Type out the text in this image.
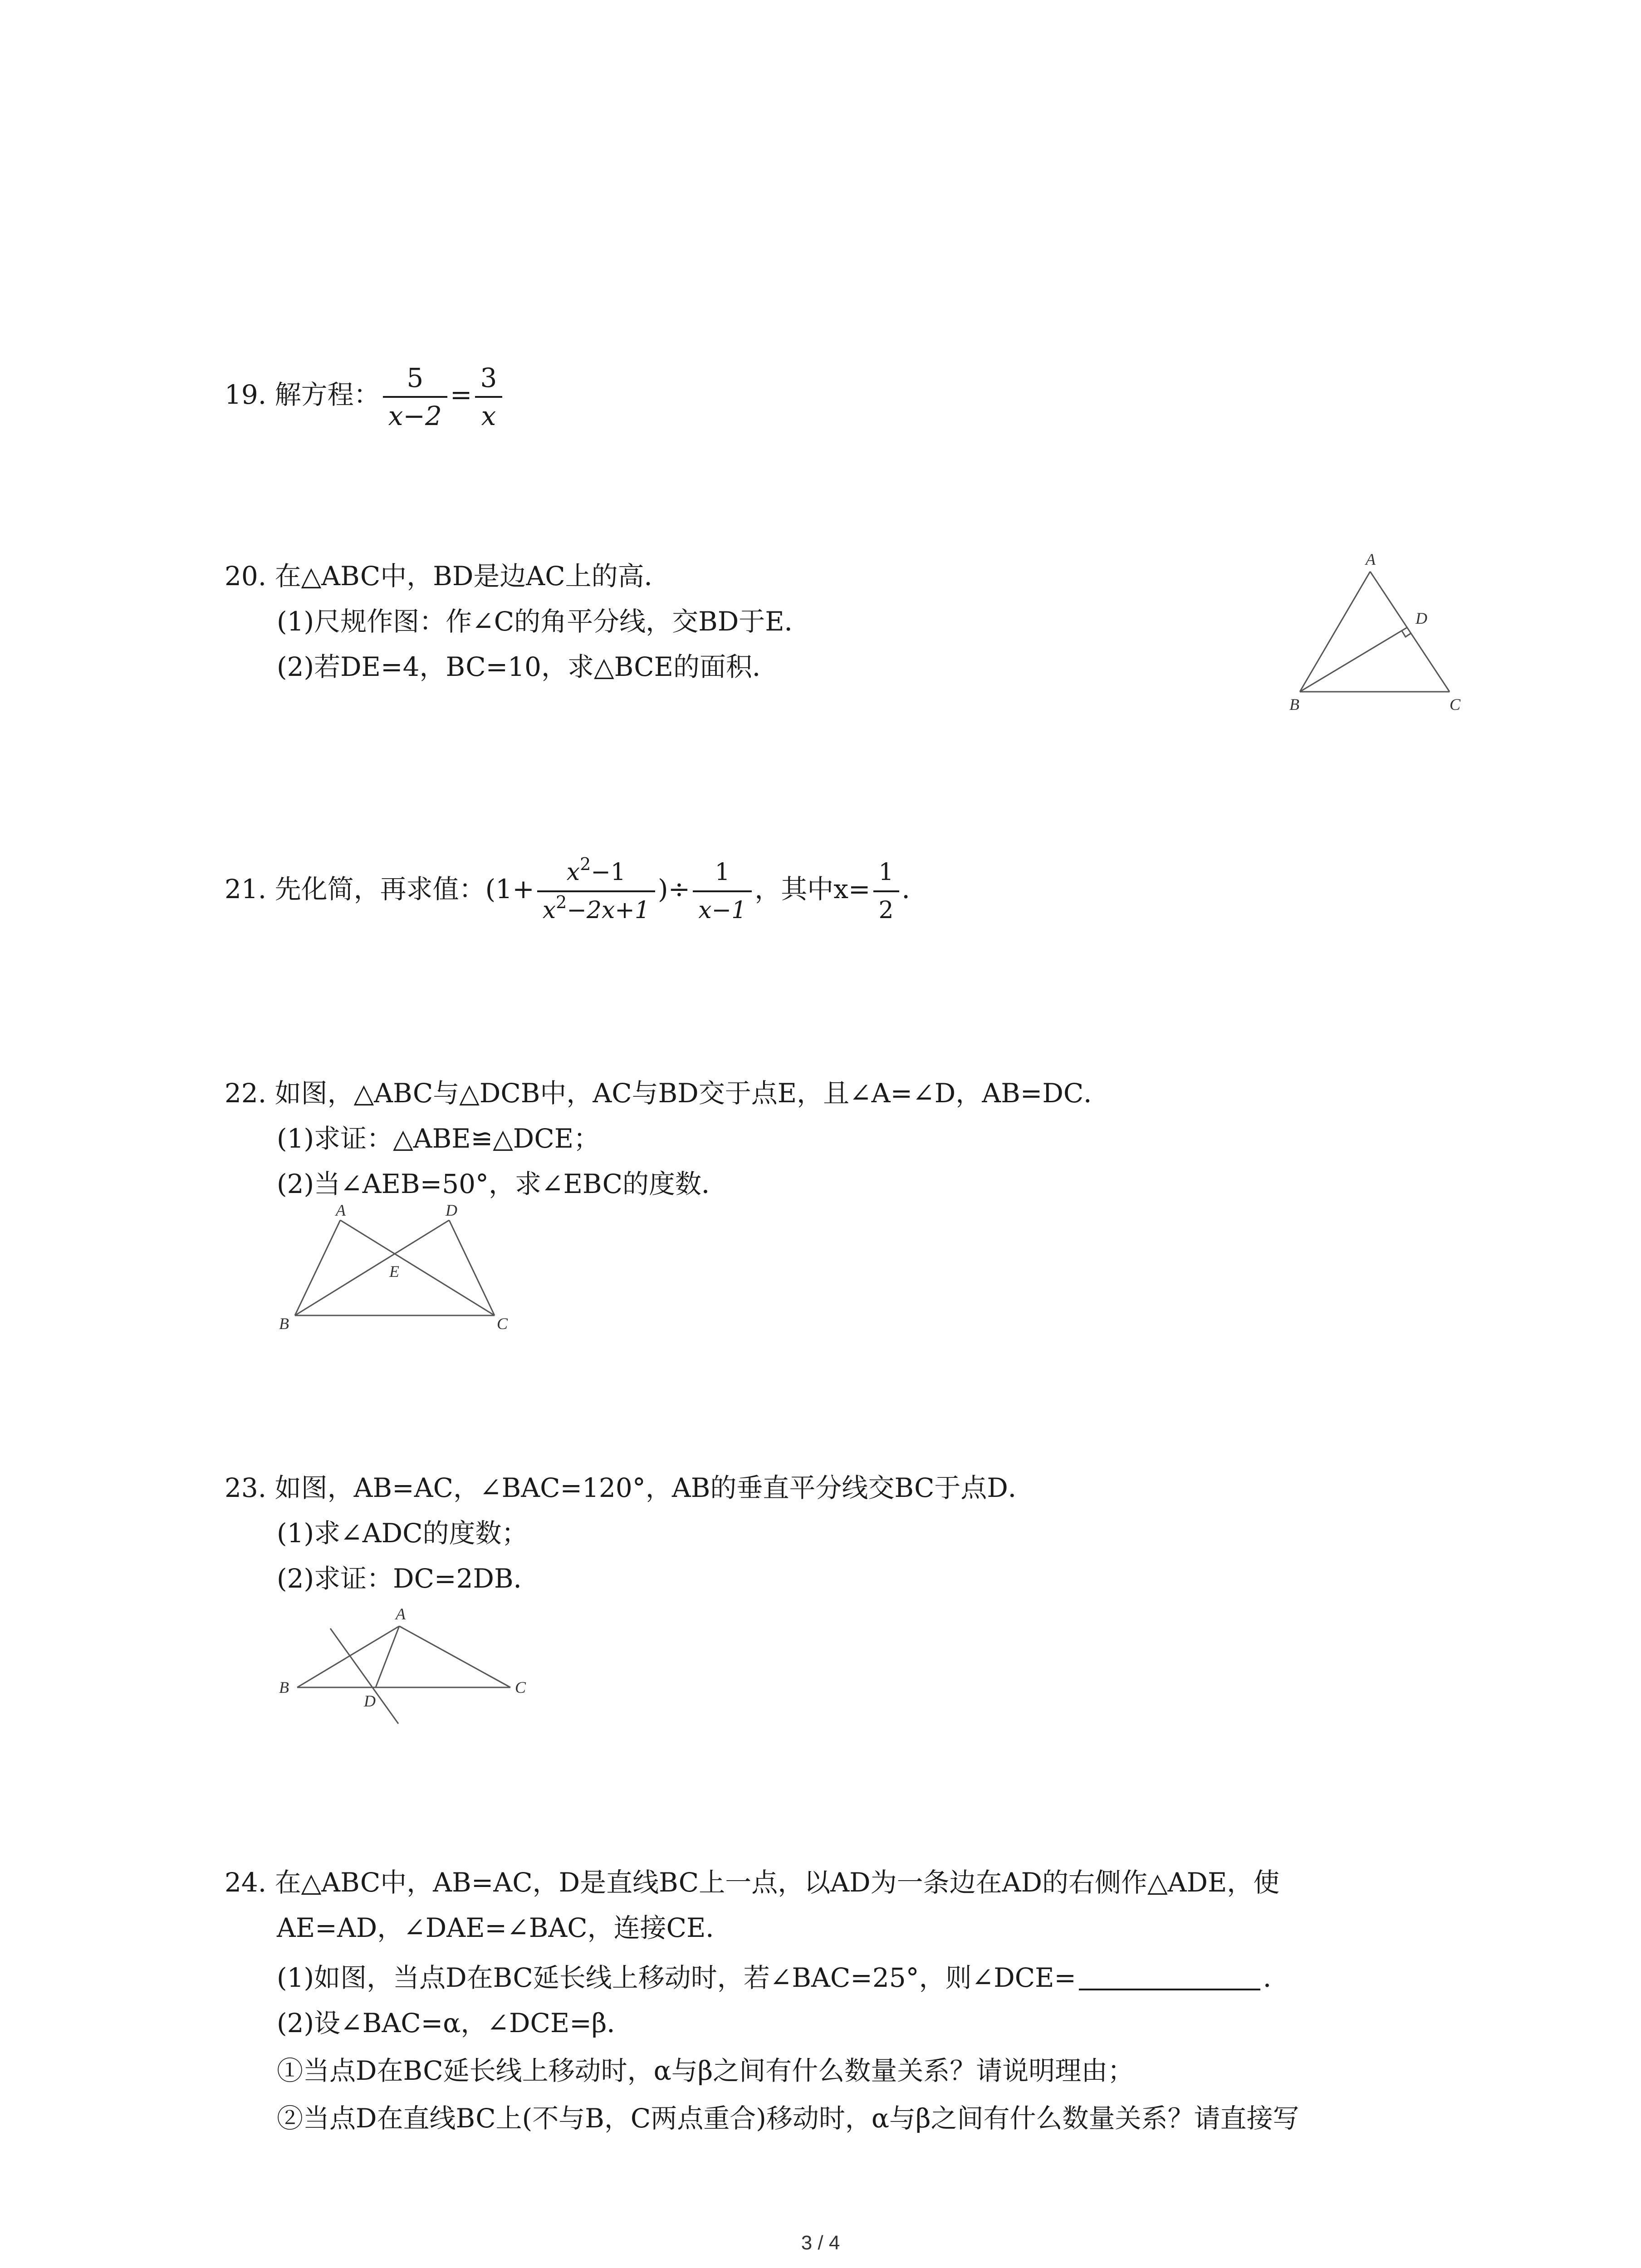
19. 解方程： $\frac{5}{x-2} = \frac{3}{x}$
20. 在△ABC中，BD是边AC上的高．
(1)尺规作图：作∠C的角平分线，交BD于E．
(2)若DE=4，BC=10，求△BCE的面积．
A
D
B	C
21. 先化简，再求值：($1+ \frac{x^2-1}{x^2-2x+1}$ )÷ $\frac{1}{x-1}$ ，其中$x= \frac{1}{2}$ ．
22. 如图，△ABC与△DCB中，AC与BD交于点E，且∠A=∠D，AB=DC．
(1)求证：△ABE≌△DCE；
(2)当∠AEB=50°，求∠EBC的度数．
A	D
E
B	C
23. 如图，AB=AC，∠BAC=120°，AB的垂直平分线交BC于点D．
(1)求∠ADC的度数；
(2)求证：DC=2DB．
A
B
D
C
24. 在△ABC中，AB=AC，D是直线BC上一点，以AD为一条边在AD的右侧作△ADE，使
AE=AD，∠DAE=∠BAC，连接CE．
(1)如图，当点D在BC延长线上移动时，若∠BAC=25°，则∠DCE=	．
(2)设∠BAC=α，∠DCE=β．
①当点D在BC延长线上移动时，α与β之间有什么数量关系？请说明理由；
②当点D在直线BC上(不与B，C两点重合)移动时，α与β之间有什么数量关系？请直接写
3 / 4
